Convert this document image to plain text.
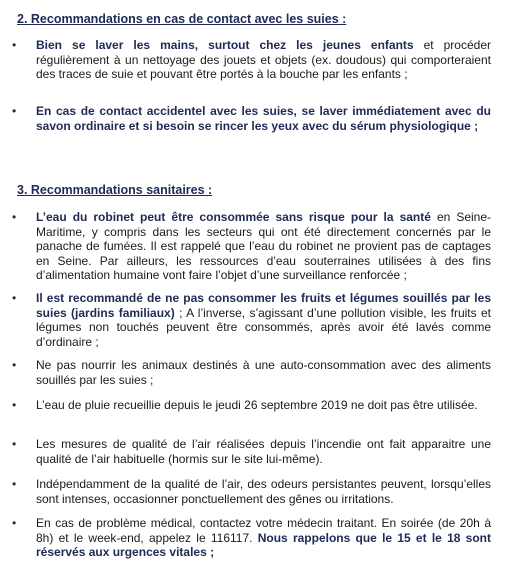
2. Recommandations en cas de contact avec les suies :
•	Bien se laver les mains, surtout chez les jeunes enfants et procéder régulièrement à un nettoyage des jouets et objets (ex. doudous) qui comporteraient des traces de suie et pouvant être portés à la bouche par les enfants ;
•	En cas de contact accidentel avec les suies, se laver immédiatement avec du savon ordinaire et si besoin se rincer les yeux avec du sérum physiologique ;
3. Recommandations sanitaires :
•	L’eau du robinet peut être consommée sans risque pour la santé en Seine-Maritime, y compris dans les secteurs qui ont été directement concernés par le panache de fumées. Il est rappelé que l’eau du robinet ne provient pas de captages en Seine. Par ailleurs, les ressources d’eau souterraines utilisées à des fins d’alimentation humaine vont faire l’objet d’une surveillance renforcée ;
•	Il est recommandé de ne pas consommer les fruits et légumes souillés par les suies (jardins familiaux) ; A l’inverse, s’agissant d’une pollution visible, les fruits et légumes non touchés peuvent être consommés, après avoir été lavés comme d’ordinaire ;
•	Ne pas nourrir les animaux destinés à une auto-consommation avec des aliments souillés par les suies ;
•	L’eau de pluie recueillie depuis le jeudi 26 septembre 2019 ne doit pas être utilisée.
•	Les mesures de qualité de l’air réalisées depuis l’incendie ont fait apparaitre une qualité de l’air habituelle (hormis sur le site lui-même).
•	Indépendamment de la qualité de l’air, des odeurs persistantes peuvent, lorsqu’elles sont intenses, occasionner ponctuellement des gênes ou irritations.
•	En cas de problème médical, contactez votre médecin traitant. En soirée (de 20h à 8h) et le week-end, appelez le 116117. Nous rappelons que le 15 et le 18 sont réservés aux urgences vitales ;
